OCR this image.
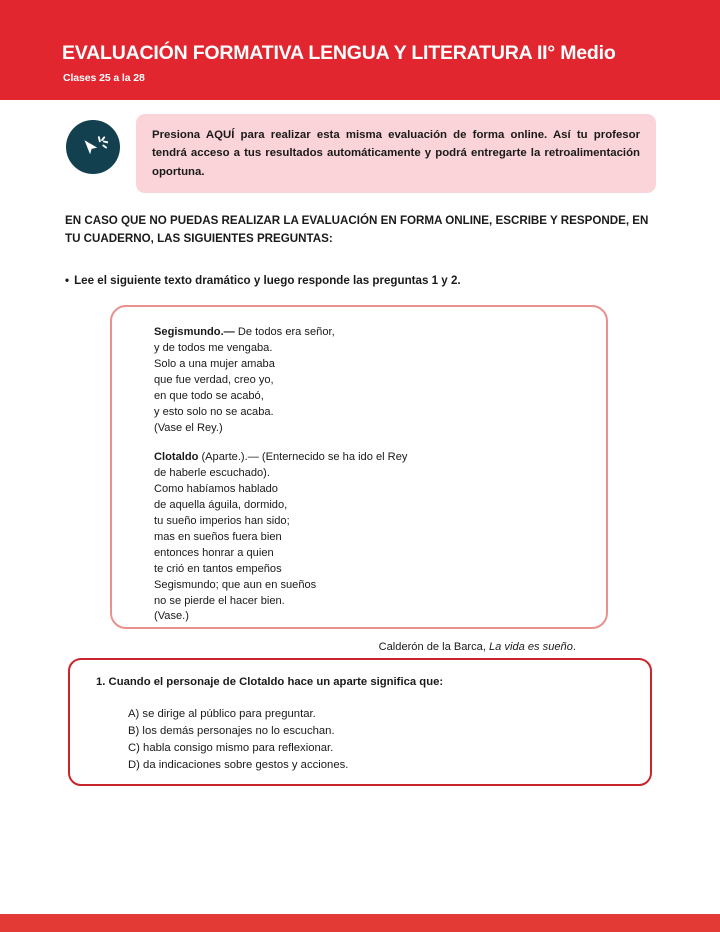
EVALUACIÓN FORMATIVA LENGUA Y LITERATURA II° Medio
Clases 25 a la 28
Presiona AQUÍ para realizar esta misma evaluación de forma online. Así tu profesor tendrá acceso a tus resultados automáticamente y podrá entregarte la retroalimentación oportuna.
EN CASO QUE NO PUEDAS REALIZAR LA EVALUACIÓN EN FORMA ONLINE, ESCRIBE Y RESPONDE, EN TU CUADERNO, LAS SIGUIENTES PREGUNTAS:
• Lee el siguiente texto dramático y luego responde las preguntas 1 y 2.
Segismundo.— De todos era señor,
y de todos me vengaba.
Solo a una mujer amaba
que fue verdad, creo yo,
en que todo se acabó,
y esto solo no se acaba.
(Vase el Rey.)
Clotaldo (Aparte.).— (Enternecido se ha ido el Rey
de haberle escuchado).
Como habíamos hablado
de aquella águila, dormido,
tu sueño imperios han sido;
mas en sueños fuera bien
entonces honrar a quien
te crió en tantos empeños
Segismundo; que aun en sueños
no se pierde el hacer bien.
(Vase.)
Calderón de la Barca, La vida es sueño.
1. Cuando el personaje de Clotaldo hace un aparte significa que:
A) se dirige al público para preguntar.
B) los demás personajes no lo escuchan.
C) habla consigo mismo para reflexionar.
D) da indicaciones sobre gestos y acciones.
